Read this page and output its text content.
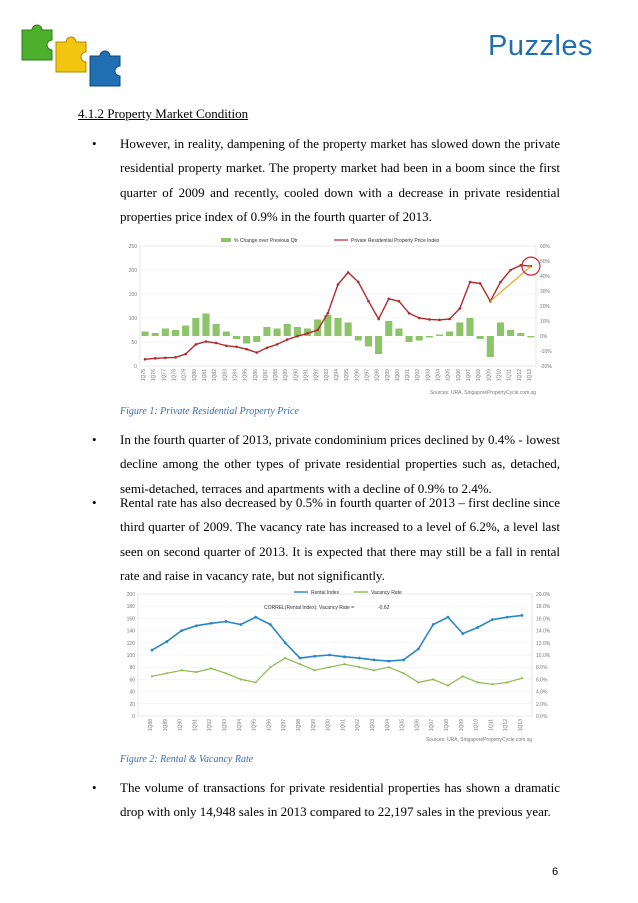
Puzzles
4.1.2 Property Market Condition
• However, in reality, dampening of the property market has slowed down the private residential property market. The property market had been in a boom since the first quarter of 2009 and recently, cooled down with a decrease in private residential properties price index of 0.9% in the fourth quarter of 2013.
250
200
150
100
50
0
60%
50%
40%
30%
20%
10%
0%
-10%
-20%
1Q75 1Q76 1Q77 1Q78 1Q79 1Q80 1Q81 1Q82 1Q83 1Q84 1Q85 1Q86 1Q87 1Q88 1Q89 1Q90 1Q91 1Q92 1Q93 1Q94 1Q95 1Q96 1Q97 1Q98 1Q99 1Q00 1Q01 1Q02 1Q03 1Q04 1Q05 1Q06 1Q07 1Q08 1Q09 1Q10 1Q11 1Q12 1Q13
% Change over Previous Qtr	Private Residential Property Price Index
Sources: URA, SingaporePropertyCycle.com.sg
Figure 1: Private Residential Property Price
• In the fourth quarter of 2013, private condominium prices declined by 0.4% - lowest decline among the other types of private residential properties such as, detached, semi-detached, terraces and apartments with a decline of 0.9% to 2.4%.
• Rental rate has also decreased by 0.5% in fourth quarter of 2013 – first decline since third quarter of 2009. The vacancy rate has increased to a level of 6.2%, a level last seen on second quarter of 2013. It is expected that there may still be a fall in rental rate and raise in vacancy rate, but not significantly.
200
180
160
140
120
100
80
60
40
20
0
20.0%
18.0%
16.0%
14.0%
12.0%
10.0%
8.0%
6.0%
4.0%
2.0%
0.0%
1Q88 1Q89 1Q90 1Q91 1Q92 1Q93 1Q94 1Q95 1Q96 1Q97 1Q98 1Q99 1Q00 1Q01 1Q02 1Q03 1Q04 1Q05 1Q06 1Q07 1Q08 1Q09 1Q10 1Q11 1Q12 1Q13
Rental Index	Vacancy Rate
CORREL(Rental Index), Vacancy Rate =	-0.62
Sources: URA, SingaporePropertyCycle.com.sg
Figure 2: Rental & Vacancy Rate
• The volume of transactions for private residential properties has shown a dramatic drop with only 14,948 sales in 2013 compared to 22,197 sales in the previous year.
6
